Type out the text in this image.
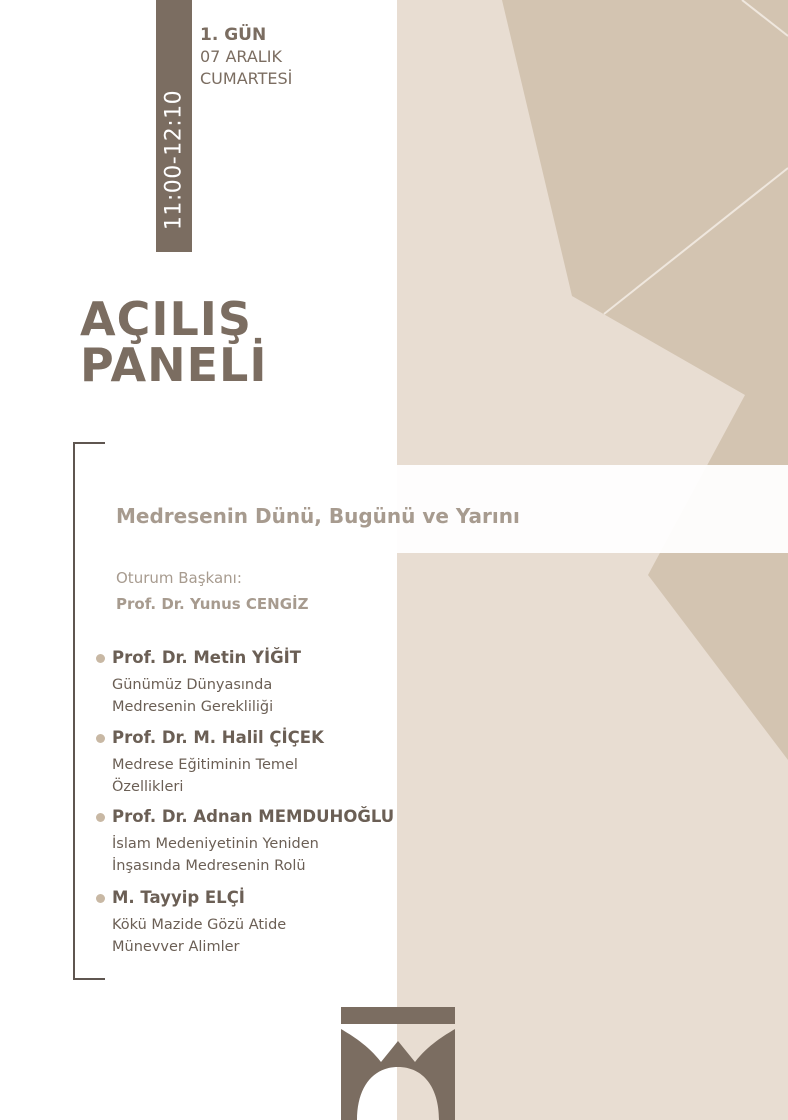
11:00-12:10
1. GÜN
07 ARALIK
CUMARTESİ
AÇILIŞ
PANELİ
Medresenin Dünü, Bugünü ve Yarını
Oturum Başkanı:
Prof. Dr. Yunus CENGİZ
Prof. Dr. Metin YİĞİT
Günümüz Dünyasında
Medresenin Gerekliliği
Prof. Dr. M. Halil ÇİÇEK
Medrese Eğitiminin Temel
Özellikleri
Prof. Dr. Adnan MEMDUHOĞLU
İslam Medeniyetinin Yeniden
İnşasında Medresenin Rolü
M. Tayyip ELÇİ
Kökü Mazide Gözü Atide
Münevver Alimler
